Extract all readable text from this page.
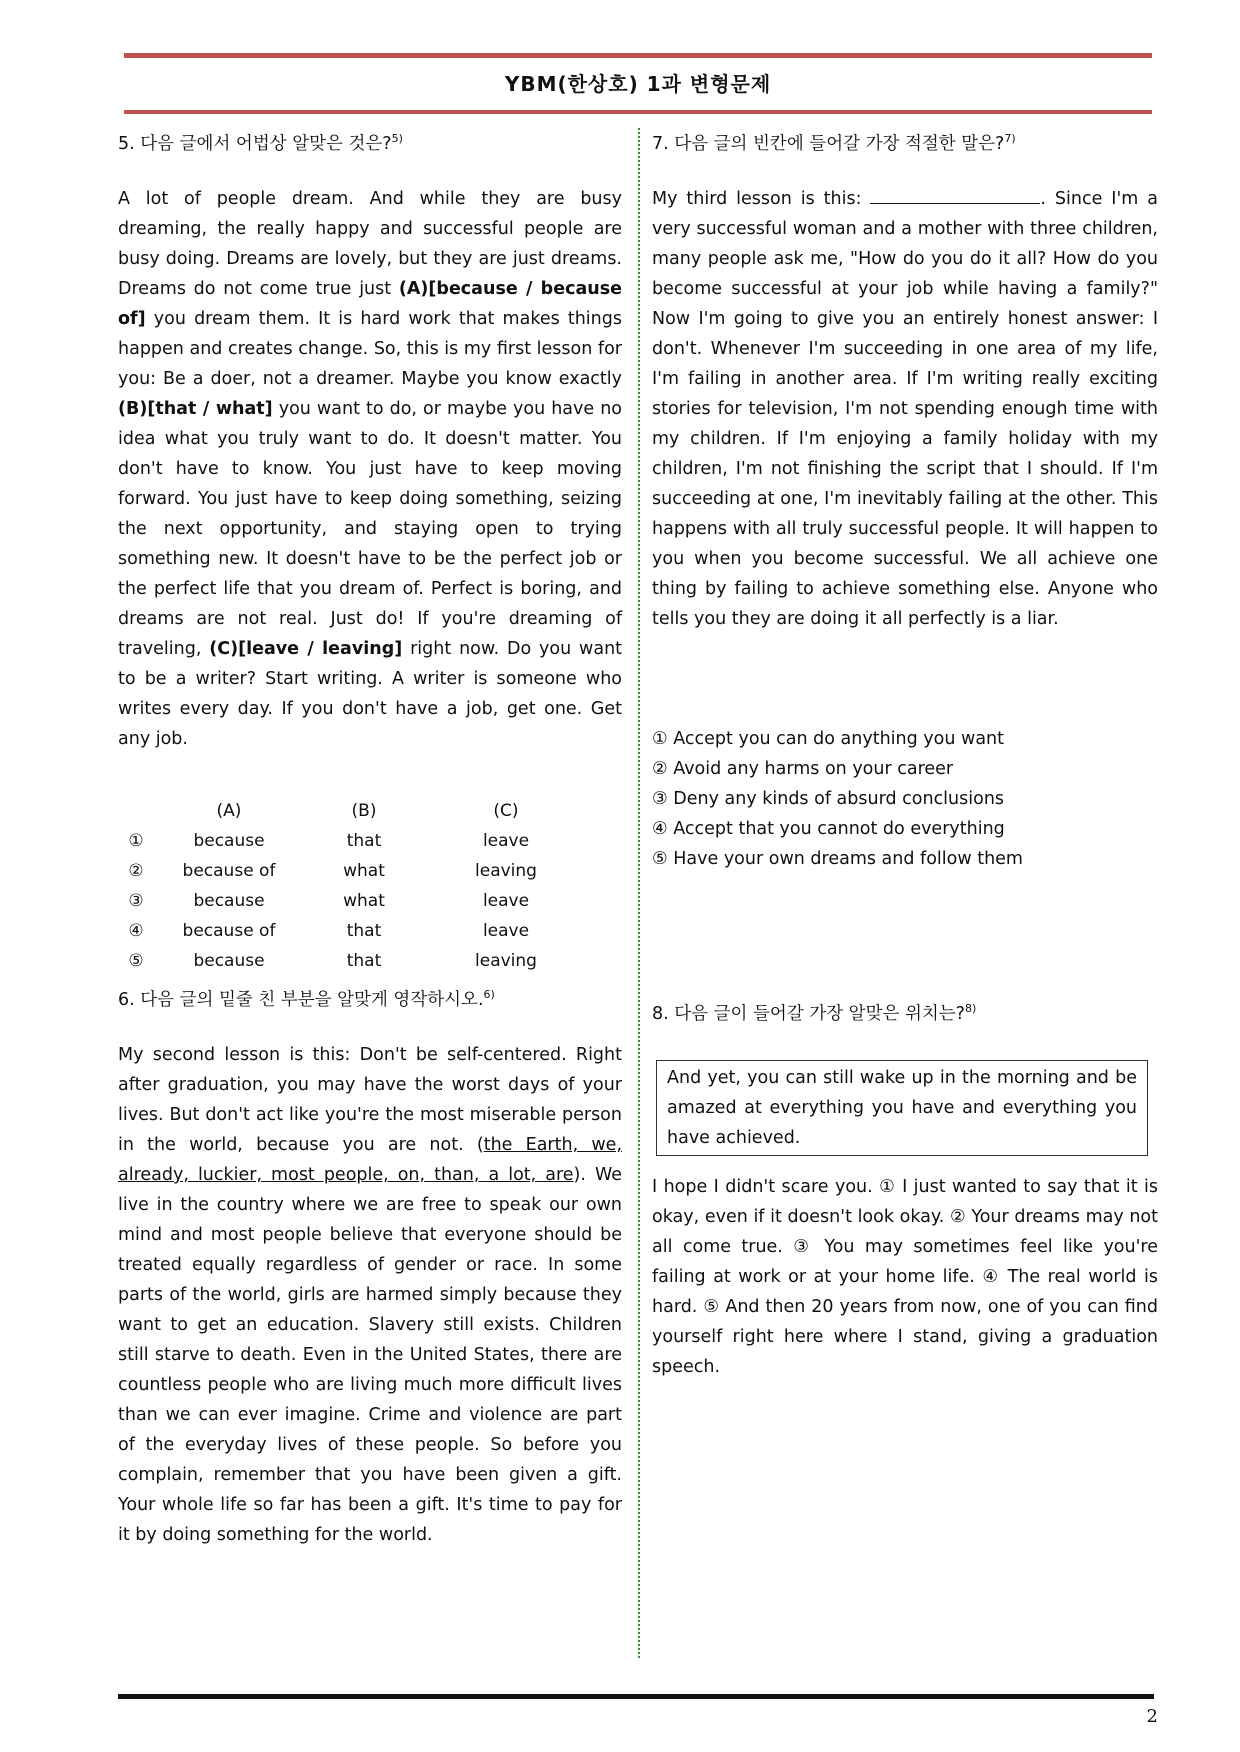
YBM(한상호) 1과 변형문제

5. 다음 글에서 어법상 알맞은 것은?$^{5)}$

A lot of people dream. And while they are busy dreaming, the really happy and successful people are busy doing. Dreams are lovely, but they are just dreams. Dreams do not come true just (A)[because / because of] you dream them. It is hard work that makes things happen and creates change. So, this is my first lesson for you: Be a doer, not a dreamer. Maybe you know exactly (B)[that / what] you want to do, or maybe you have no idea what you truly want to do. It doesn't matter. You don't have to know. You just have to keep moving forward. You just have to keep doing something, seizing the next opportunity, and staying open to trying something new. It doesn't have to be the perfect job or the perfect life that you dream of. Perfect is boring, and dreams are not real. Just do! If you're dreaming of traveling, (C)[leave / leaving] right now. Do you want to be a writer? Start writing. A writer is someone who writes every day. If you don't have a job, get one. Get any job.

	(A)	(B)	(C)
①	because	that	leave
②	because of	what	leaving
③	because	what	leave
④	because of	that	leave
⑤	because	that	leaving

6. 다음 글의 밑줄 친 부분을 알맞게 영작하시오.$^{6)}$

My second lesson is this: Don't be self-centered. Right after graduation, you may have the worst days of your lives. But don't act like you're the most miserable person in the world, because you are not. (the Earth, we, already, luckier, most people, on, than, a lot, are). We live in the country where we are free to speak our own mind and most people believe that everyone should be treated equally regardless of gender or race. In some parts of the world, girls are harmed simply because they want to get an education. Slavery still exists. Children still starve to death. Even in the United States, there are countless people who are living much more difficult lives than we can ever imagine. Crime and violence are part of the everyday lives of these people. So before you complain, remember that you have been given a gift. Your whole life so far has been a gift. It's time to pay for it by doing something for the world.

7. 다음 글의 빈칸에 들어갈 가장 적절한 말은?$^{7)}$

My third lesson is this:	. Since I'm a very successful woman and a mother with three children, many people ask me, "How do you do it all? How do you become successful at your job while having a family?" Now I'm going to give you an entirely honest answer: I don't. Whenever I'm succeeding in one area of my life, I'm failing in another area. If I'm writing really exciting stories for television, I'm not spending enough time with my children. If I'm enjoying a family holiday with my children, I'm not finishing the script that I should. If I'm succeeding at one, I'm inevitably failing at the other. This happens with all truly successful people. It will happen to you when you become successful. We all achieve one thing by failing to achieve something else. Anyone who tells you they are doing it all perfectly is a liar.

① Accept you can do anything you want

② Avoid any harms on your career

③ Deny any kinds of absurd conclusions

④ Accept that you cannot do everything

⑤ Have your own dreams and follow them

8. 다음 글이 들어갈 가장 알맞은 위치는?$^{8)}$

And yet, you can still wake up in the morning and be amazed at everything you have and everything you have achieved.

I hope I didn't scare you. ① I just wanted to say that it is okay, even if it doesn't look okay. ② Your dreams may not all come true. ③ You may sometimes feel like you're failing at work or at your home life. ④ The real world is hard. ⑤ And then 20 years from now, one of you can find yourself right here where I stand, giving a graduation speech.

2
